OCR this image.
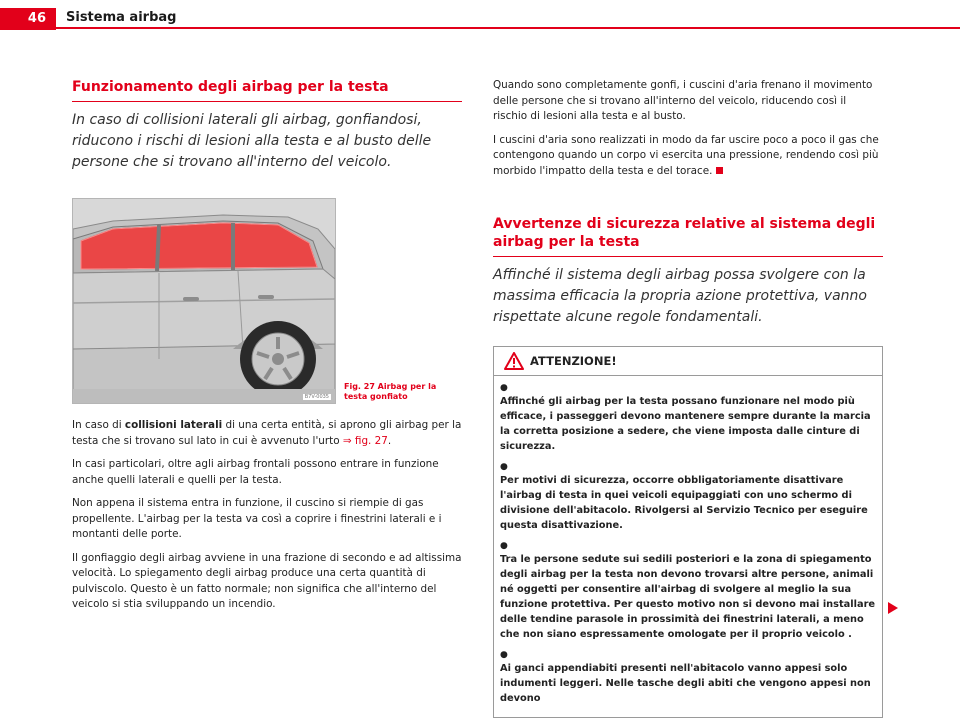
46	Sistema airbag
Funzionamento degli airbag per la testa

In caso di collisioni laterali gli airbag, gonfiandosi, riducono i rischi di lesioni alla testa e al busto delle persone che si trovano all'interno del veicolo.

B7V-0035
Fig. 27 Airbag per la testa gonfiato

In caso di collisioni laterali di una certa entità, si aprono gli airbag per la testa che si trovano sul lato in cui è avvenuto l'urto ⇒ fig. 27.

In casi particolari, oltre agli airbag frontali possono entrare in funzione anche quelli laterali e quelli per la testa.

Non appena il sistema entra in funzione, il cuscino si riempie di gas propellente. L'airbag per la testa va così a coprire i finestrini laterali e i montanti delle porte.

Il gonfiaggio degli airbag avviene in una frazione di secondo e ad altissima velocità. Lo spiegamento degli airbag produce una certa quantità di pulviscolo. Questo è un fatto normale; non significa che all'interno del veicolo si stia sviluppando un incendio.

Quando sono completamente gonfi, i cuscini d'aria frenano il movimento delle persone che si trovano all'interno del veicolo, riducendo così il rischio di lesioni alla testa e al busto.

I cuscini d'aria sono realizzati in modo da far uscire poco a poco il gas che contengono quando un corpo vi esercita una pressione, rendendo così più morbido l'impatto della testa e del torace.

Avvertenze di sicurezza relative al sistema degli airbag per la testa

Affinché il sistema degli airbag possa svolgere con la massima efficacia la propria azione protettiva, vanno rispettate alcune regole fondamentali.

ATTENZIONE!
●
Affinché gli airbag per la testa possano funzionare nel modo più efficace, i passeggeri devono mantenere sempre durante la marcia la corretta posizione a sedere, che viene imposta dalle cinture di sicurezza.
●
Per motivi di sicurezza, occorre obbligatoriamente disattivare l'airbag di testa in quei veicoli equipaggiati con uno schermo di divisione dell'abitacolo. Rivolgersi al Servizio Tecnico per eseguire questa disattivazione.
●
Tra le persone sedute sui sedili posteriori e la zona di spiegamento degli airbag per la testa non devono trovarsi altre persone, animali né oggetti per consentire all'airbag di svolgere al meglio la sua funzione protettiva. Per questo motivo non si devono mai installare delle tendine parasole in prossimità dei finestrini laterali, a meno che non siano espressamente omologate per il proprio veicolo .
●
Ai ganci appendiabiti presenti nell'abitacolo vanno appesi solo indumenti leggeri. Nelle tasche degli abiti che vengono appesi non devono
